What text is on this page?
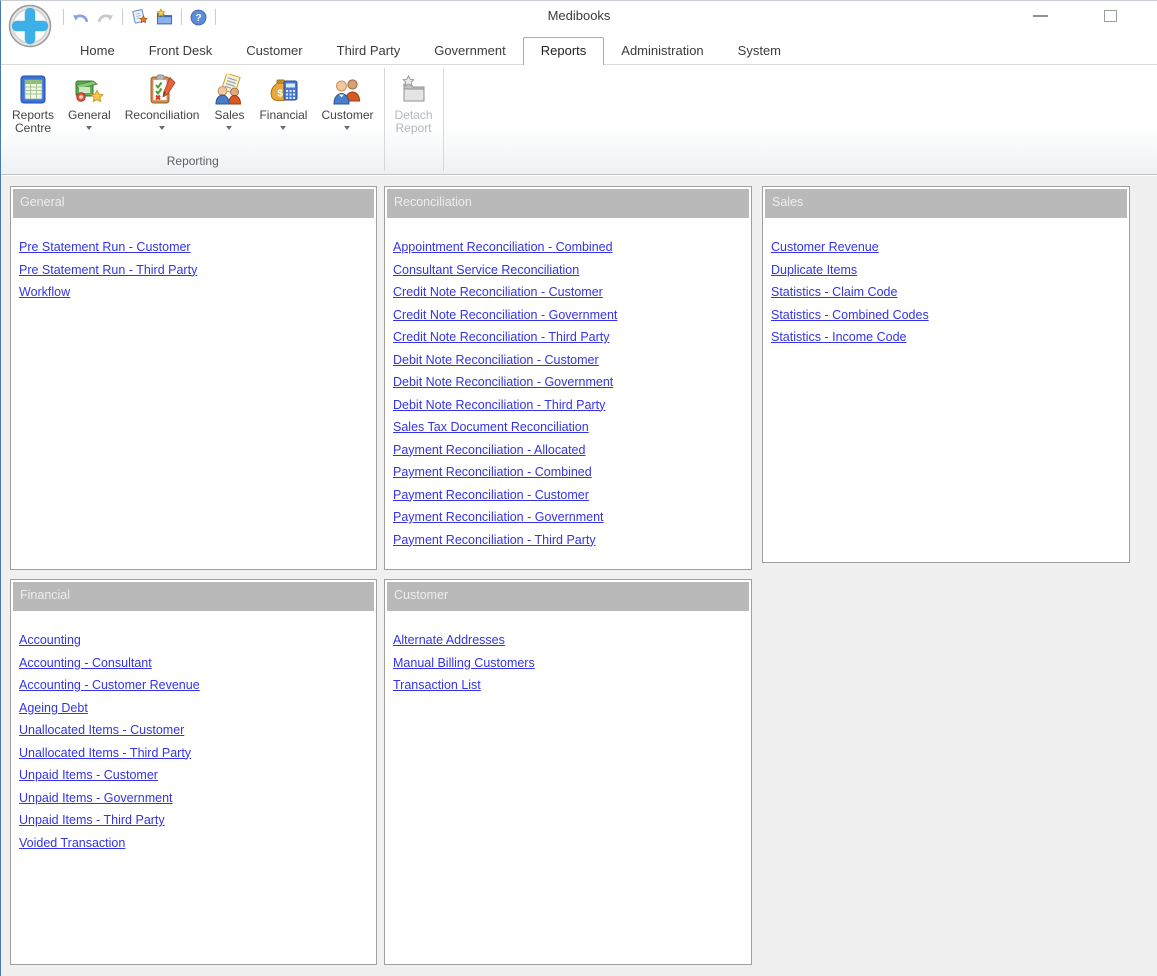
?	Medibooks
Home	Front Desk	Customer	Third Party	Government	Reports	Administration	System
Reports Centre
General Reconciliation Sales
$
Financial Customer
Reporting
Detach Report
General
Pre Statement Run - Customer
Pre Statement Run - Third Party
Workflow
Reconciliation
Appointment Reconciliation - Combined
Consultant Service Reconciliation
Credit Note Reconciliation - Customer
Credit Note Reconciliation - Government
Credit Note Reconciliation - Third Party
Debit Note Reconciliation - Customer
Debit Note Reconciliation - Government
Debit Note Reconciliation - Third Party
Sales Tax Document Reconciliation
Payment Reconciliation - Allocated
Payment Reconciliation - Combined
Payment Reconciliation - Customer
Payment Reconciliation - Government
Payment Reconciliation - Third Party
Sales
Customer Revenue
Duplicate Items
Statistics - Claim Code
Statistics - Combined Codes
Statistics - Income Code
Financial
Accounting
Accounting - Consultant
Accounting - Customer Revenue
Ageing Debt
Unallocated Items - Customer
Unallocated Items - Third Party
Unpaid Items - Customer
Unpaid Items - Government
Unpaid Items - Third Party
Voided Transaction
Customer
Alternate Addresses
Manual Billing Customers
Transaction List
